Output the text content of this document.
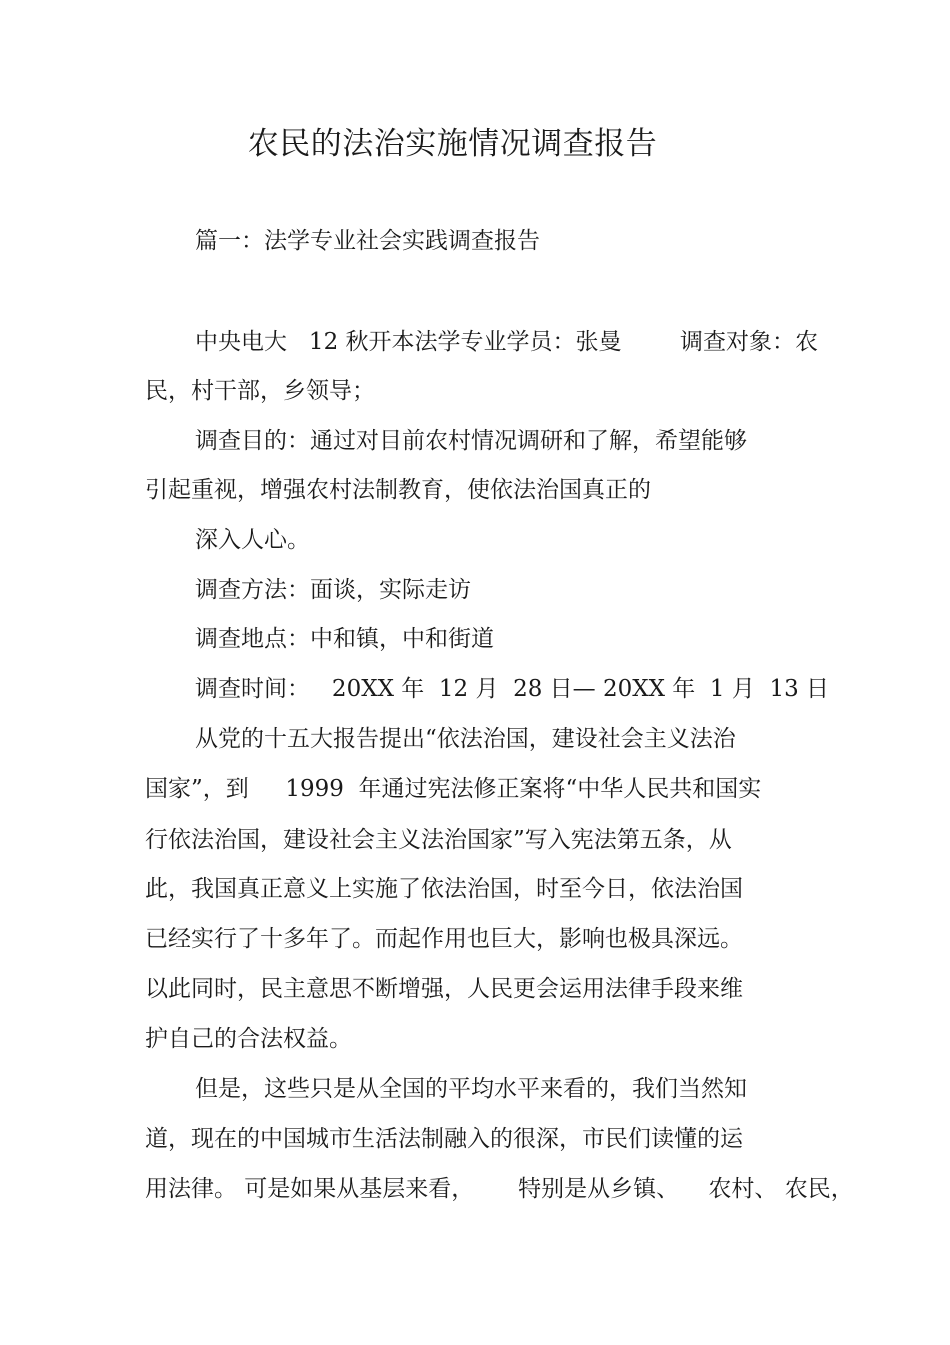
农民的法治实施情况调查报告
篇一：法学专业社会实践调查报告
中央电大   12 秋开本法学专业学员：张曼        调查对象：农
民，村干部，乡领导；
调查目的：通过对目前农村情况调研和了解，希望能够
引起重视，增强农村法制教育，使依法治国真正的
深入人心。
调查方法：面谈，实际走访
调查地点：中和镇，中和街道
调查时间：   20XX 年  12 月  28 日— 20XX 年  1 月  13 日
从党的十五大报告提出“依法治国，建设社会主义法治
国家”，到     1999  年通过宪法修正案将“中华人民共和国实
行依法治国，建设社会主义法治国家”写入宪法第五条，从
此，我国真正意义上实施了依法治国，时至今日，依法治国
已经实行了十多年了。而起作用也巨大，影响也极具深远。
以此同时，民主意思不断增强，人民更会运用法律手段来维
护自己的合法权益。
但是，这些只是从全国的平均水平来看的，我们当然知
道，现在的中国城市生活法制融入的很深，市民们读懂的运
用法律。 可是如果从基层来看，      特别是从乡镇、    农村、 农民，
